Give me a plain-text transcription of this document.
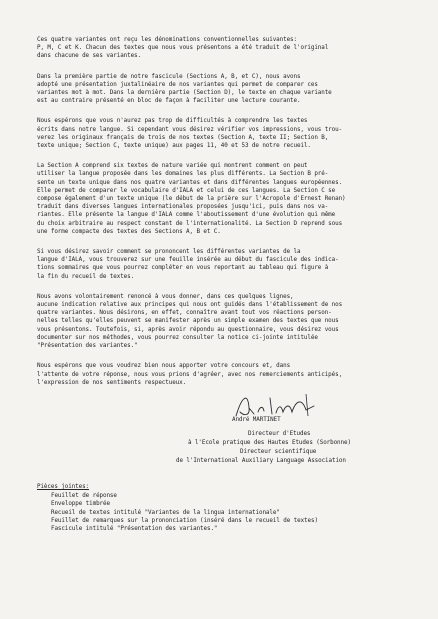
Ces quatre variantes ont reçu les dénominations conventionnelles suivantes:
P, M, C et K. Chacun des textes que nous vous présentons a été traduit de l'original
dans chacune de ses variantes.
Dans la première partie de notre fascicule (Sections A, B, et C), nous avons
adopté une présentation juxtalinéaire de nos variantes qui permet de comparer ces
variantes mot à mot. Dans la dernière partie (Section D), le texte en chaque variante
est au contraire présenté en bloc de façon à faciliter une lecture courante.
Nous espérons que vous n'aurez pas trop de difficultés à comprendre les textes
écrits dans notre langue. Si cependant vous désirez vérifier vos impressions, vous trou-
verez les originaux français de trois de nos textes (Section A, texte II; Section B,
texte unique; Section C, texte unique) aux pages 11, 40 et 53 de notre recueil.
La Section A comprend six textes de nature variée qui montrent comment on peut
utiliser la langue proposée dans les domaines les plus différents. La Section B pré-
sente un texte unique dans nos quatre variantes et dans différentes langues européennes.
Elle permet de comparer le vocabulaire d'IALA et celui de ces langues. La Section C se
compose également d'un texte unique (le début de la prière sur l'Acropole d'Ernest Renan)
traduit dans diverses langues internationales proposées jusqu'ici, puis dans nos va-
riantes. Elle présente la langue d'IALA comme l'aboutissement d'une évolution qui même
du choix arbitraire au respect constant de l'internationalité. La Section D reprend sous
une forme compacte des textes des Sections A, B et C.
Si vous désirez savoir comment se prononcent les différentes variantes de la
langue d'IALA, vous trouverez sur une feuille insérée au début du fascicule des indica-
tions sommaires que vous pourrez compléter en vous reportant au tableau qui figure à
la fin du recueil de textes.
Nous avons volontairement renoncé à vous donner, dans ces quelques lignes,
aucune indication relative aux principes qui nous ont guidés dans l'établissement de nos
quatre variantes. Nous désirons, en effet, connaître avant tout vos réactions person-
nelles telles qu'elles peuvent se manifester après un simple examen des textes que nous
vous présentons. Toutefois, si, après avoir répondu au questionnaire, vous désirez vous
documenter sur nos méthodes, vous pourrez consulter la notice ci-jointe intitulée
"Présentation des variantes."
Nous espérons que vous voudrez bien nous apporter votre concours et, dans
l'attente de votre réponse, nous vous prions d'agréer, avec nos remerciements anticipés,
l'expression de nos sentiments respectueux.
André MARTINET
Directeur d'Etudes
à l'Ecole pratique des Hautes Etudes (Sorbonne)
Directeur scientifique
de l'International Auxiliary Language Association
Pièces jointes:
Feuillet de réponse
Enveloppe timbrée
Recueil de textes intitulé "Variantes de la lingua internationale"
Feuillet de remarques sur la prononciation (inséré dans le recueil de textes)
Fascicule intitulé "Présentation des variantes."
